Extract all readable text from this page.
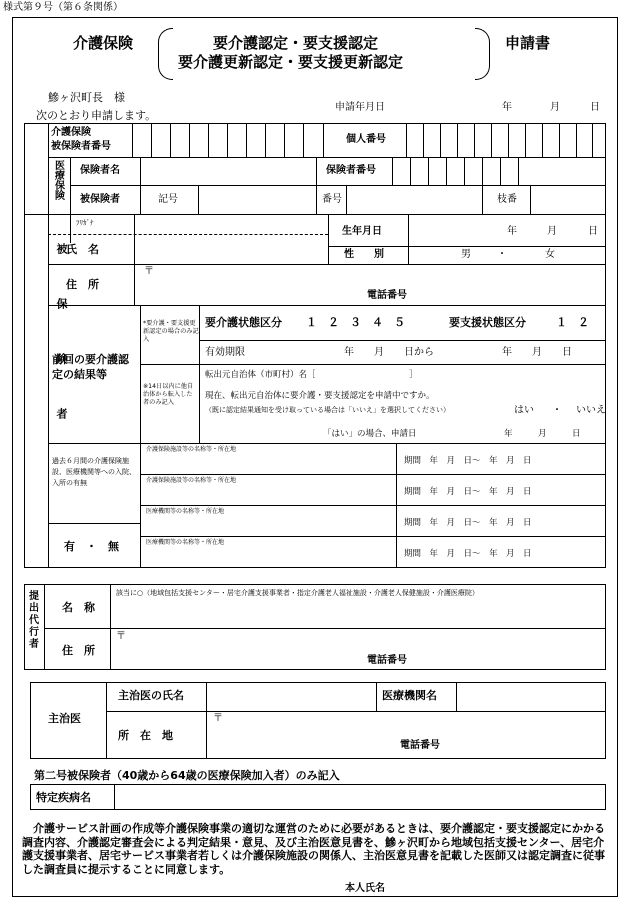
様式第９号（第６条関係）
介護保険	要介護認定・要支援認定
要介護更新認定・要支援更新認定
申請書
鰺ヶ沢町長　様
次のとおり申請します。
申請年月日	年	月	日
介護保険
被保険者番号
個人番号
医療保険 保険者名	保険者番号
被保険者	記号	番号	枝番
被保険者
ﾌﾘｶﾞﾅ
氏　名
生年月日	年	月	日
性　　別	男	・	女
住　所
〒
電話番号
前回の要介護認定の結果等
*要介護・要支援更新認定の場合のみ記入
要介護状態区分 １　２　３　４　５	要支援状態区分	１　２
有効期限	年　　月　　日から	年　　月　　日
※14日以内に他自治体から転入した者のみ記入
転出元自治体（市町村）名［　　　　　　　　　　　］
現在、転出元自治体に要介護・要支援認定を申請中ですか。
（既に認定結果通知を受け取っている場合は「いいえ」を選択してください）	はい ・ いいえ
「はい」の場合、申請日	年　　　月　　　日
過去６月間の介護保険施設、医療機関等への入院、入所の有無
有　・　無
介護保険施設等の名称等・所在地
期間　年　月　日～　年　月　日
介護保険施設等の名称等・所在地
期間　年　月　日～　年　月　日
医療機関等の名称等・所在地
期間　年　月　日～　年　月　日
医療機関等の名称等・所在地
期間　年　月　日～　年　月　日
提出代行者
名　称
該当に○（地域包括支援センター・居宅介護支援事業者・指定介護老人福祉施設・介護老人保健施設・介護医療院）
住　所
〒
電話番号
主治医
主治医の氏名	医療機関名
所　在　地
〒
電話番号
第二号被保険者（40歳から64歳の医療保険加入者）のみ記入
特定疾病名
介護サービス計画の作成等介護保険事業の適切な運営のために必要があるときは、要介護認定・要支援認定にかかる調査内容、介護認定審査会による判定結果・意見、及び主治医意見書を、鰺ヶ沢町から地域包括支援センター、居宅介護支援事業者、居宅サービス事業者若しくは介護保険施設の関係人、主治医意見書を記載した医師又は認定調査に従事した調査員に提示することに同意します。
本人氏名
